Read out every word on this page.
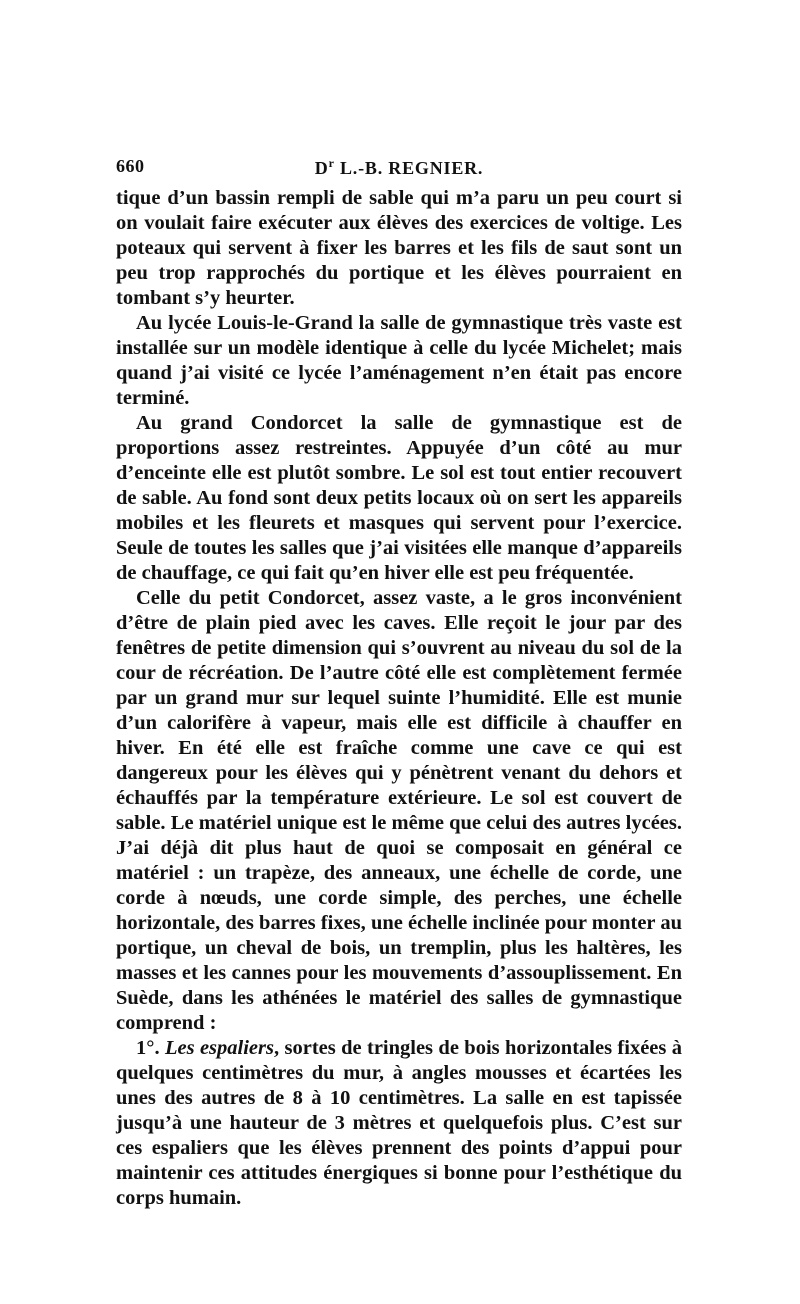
660	$D^r$ L.-B. REGNIER.

tique d’un bassin rempli de sable qui m’a paru un peu court si on voulait faire exécuter aux élèves des exercices de voltige. Les poteaux qui servent à fixer les barres et les fils de saut sont un peu trop rapprochés du portique et les élèves pourraient en tombant s’y heurter.

Au lycée Louis-le-Grand la salle de gymnastique très vaste est installée sur un modèle identique à celle du lycée Michelet; mais quand j’ai visité ce lycée l’aménagement n’en était pas encore terminé.

Au grand Condorcet la salle de gymnastique est de proportions assez restreintes. Appuyée d’un côté au mur d’enceinte elle est plutôt sombre. Le sol est tout entier recouvert de sable. Au fond sont deux petits locaux où on sert les appareils mobiles et les fleurets et masques qui servent pour l’exercice. Seule de toutes les salles que j’ai visitées elle manque d’appareils de chauffage, ce qui fait qu’en hiver elle est peu fréquentée.

Celle du petit Condorcet, assez vaste, a le gros inconvénient d’être de plain pied avec les caves. Elle reçoit le jour par des fenêtres de petite dimension qui s’ouvrent au niveau du sol de la cour de récréation. De l’autre côté elle est complètement fermée par un grand mur sur lequel suinte l’humidité. Elle est munie d’un calorifère à vapeur, mais elle est difficile à chauffer en hiver. En été elle est fraîche comme une cave ce qui est dangereux pour les élèves qui y pénètrent venant du dehors et échauffés par la température extérieure. Le sol est couvert de sable. Le matériel unique est le même que celui des autres lycées. J’ai déjà dit plus haut de quoi se composait en général ce matériel : un trapèze, des anneaux, une échelle de corde, une corde à nœuds, une corde simple, des perches, une échelle horizontale, des barres fixes, une échelle inclinée pour monter au portique, un cheval de bois, un tremplin, plus les haltères, les masses et les cannes pour les mouvements d’assouplissement. En Suède, dans les athénées le matériel des salles de gymnastique comprend :

1°. Les espaliers, sortes de tringles de bois horizontales fixées à quelques centimètres du mur, à angles mousses et écartées les unes des autres de 8 à 10 centimètres. La salle en est tapissée jusqu’à une hauteur de 3 mètres et quelquefois plus. C’est sur ces espaliers que les élèves prennent des points d’appui pour maintenir ces attitudes énergiques si bonne pour l’esthétique du corps humain.
